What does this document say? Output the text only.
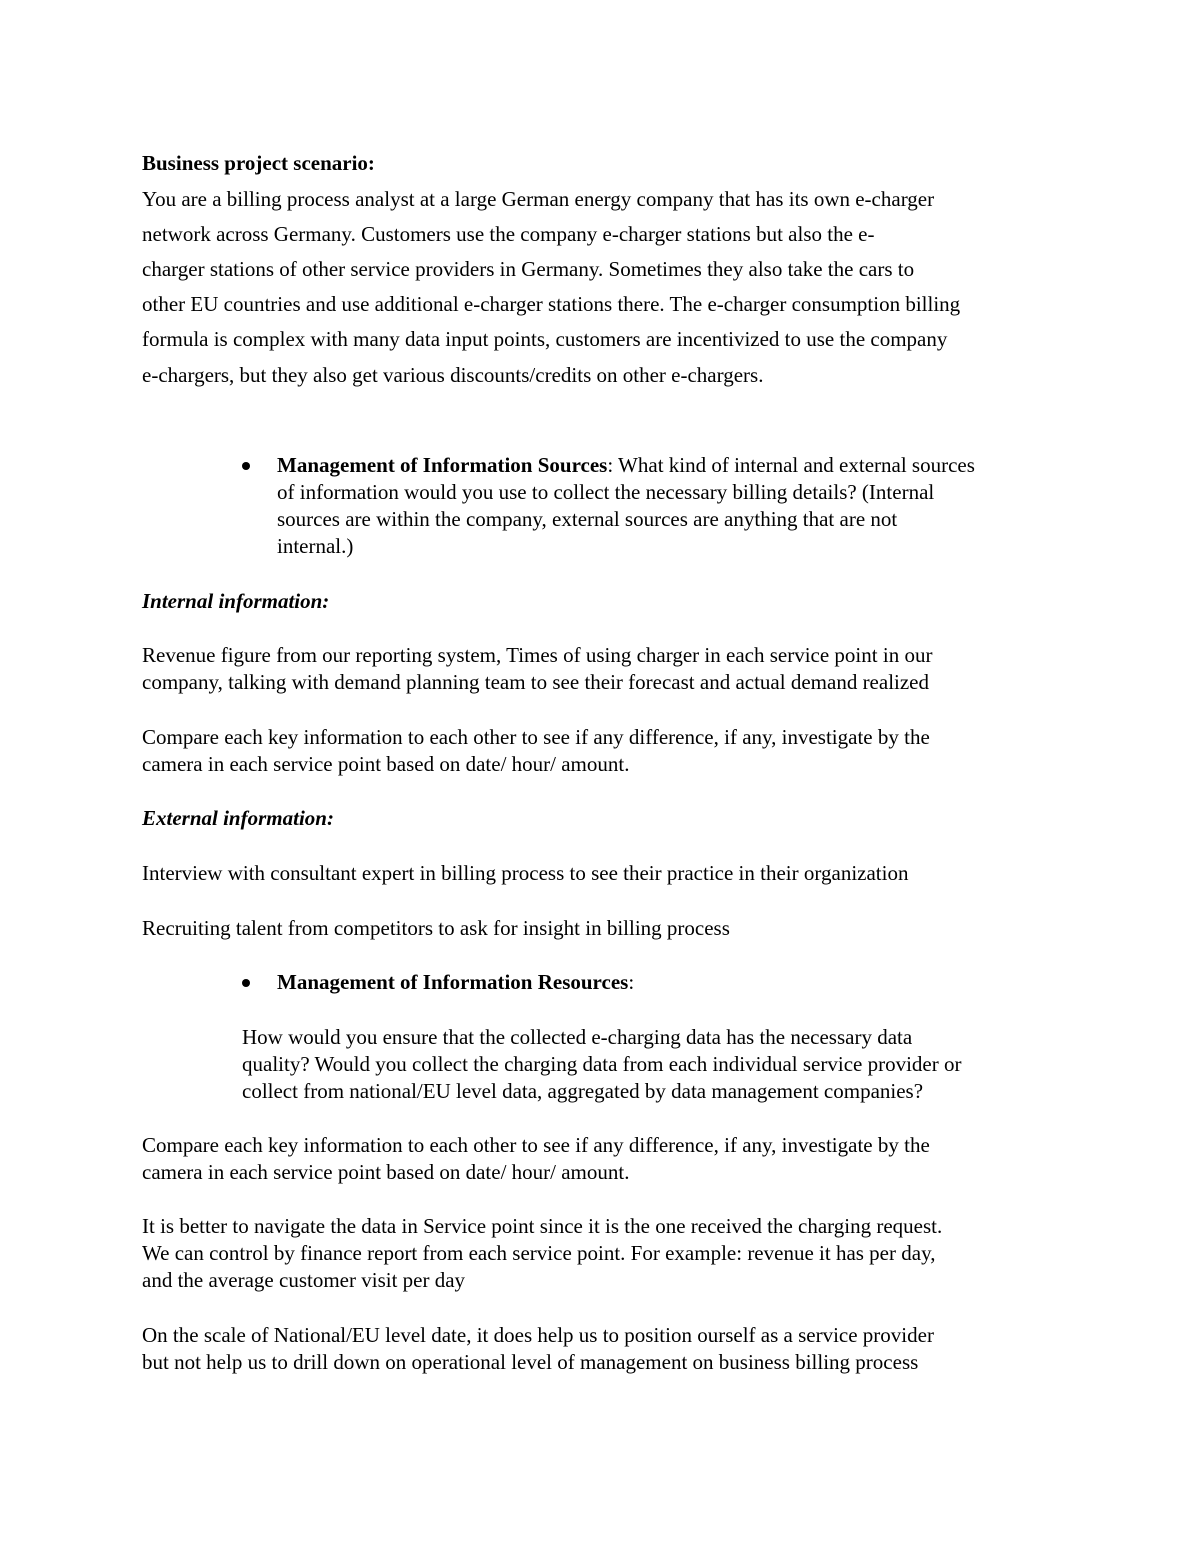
Business project scenario:
You are a billing process analyst at a large German energy company that has its own e-charger
network across Germany. Customers use the company e-charger stations but also the e-
charger stations of other service providers in Germany. Sometimes they also take the cars to
other EU countries and use additional e-charger stations there. The e-charger consumption billing
formula is complex with many data input points, customers are incentivized to use the company
e-chargers, but they also get various discounts/credits on other e-chargers.
Management of Information Sources: What kind of internal and external sources
of information would you use to collect the necessary billing details? (Internal
sources are within the company, external sources are anything that are not
internal.)
Internal information:
Revenue figure from our reporting system, Times of using charger in each service point in our
company, talking with demand planning team to see their forecast and actual demand realized
Compare each key information to each other to see if any difference, if any, investigate by the
camera in each service point based on date/ hour/ amount.
External information:
Interview with consultant expert in billing process to see their practice in their organization
Recruiting talent from competitors to ask for insight in billing process
Management of Information Resources:
How would you ensure that the collected e-charging data has the necessary data
quality? Would you collect the charging data from each individual service provider or
collect from national/EU level data, aggregated by data management companies?
Compare each key information to each other to see if any difference, if any, investigate by the
camera in each service point based on date/ hour/ amount.
It is better to navigate the data in Service point since it is the one received the charging request.
We can control by finance report from each service point. For example: revenue it has per day,
and the average customer visit per day
On the scale of National/EU level date, it does help us to position ourself as a service provider
but not help us to drill down on operational level of management on business billing process
